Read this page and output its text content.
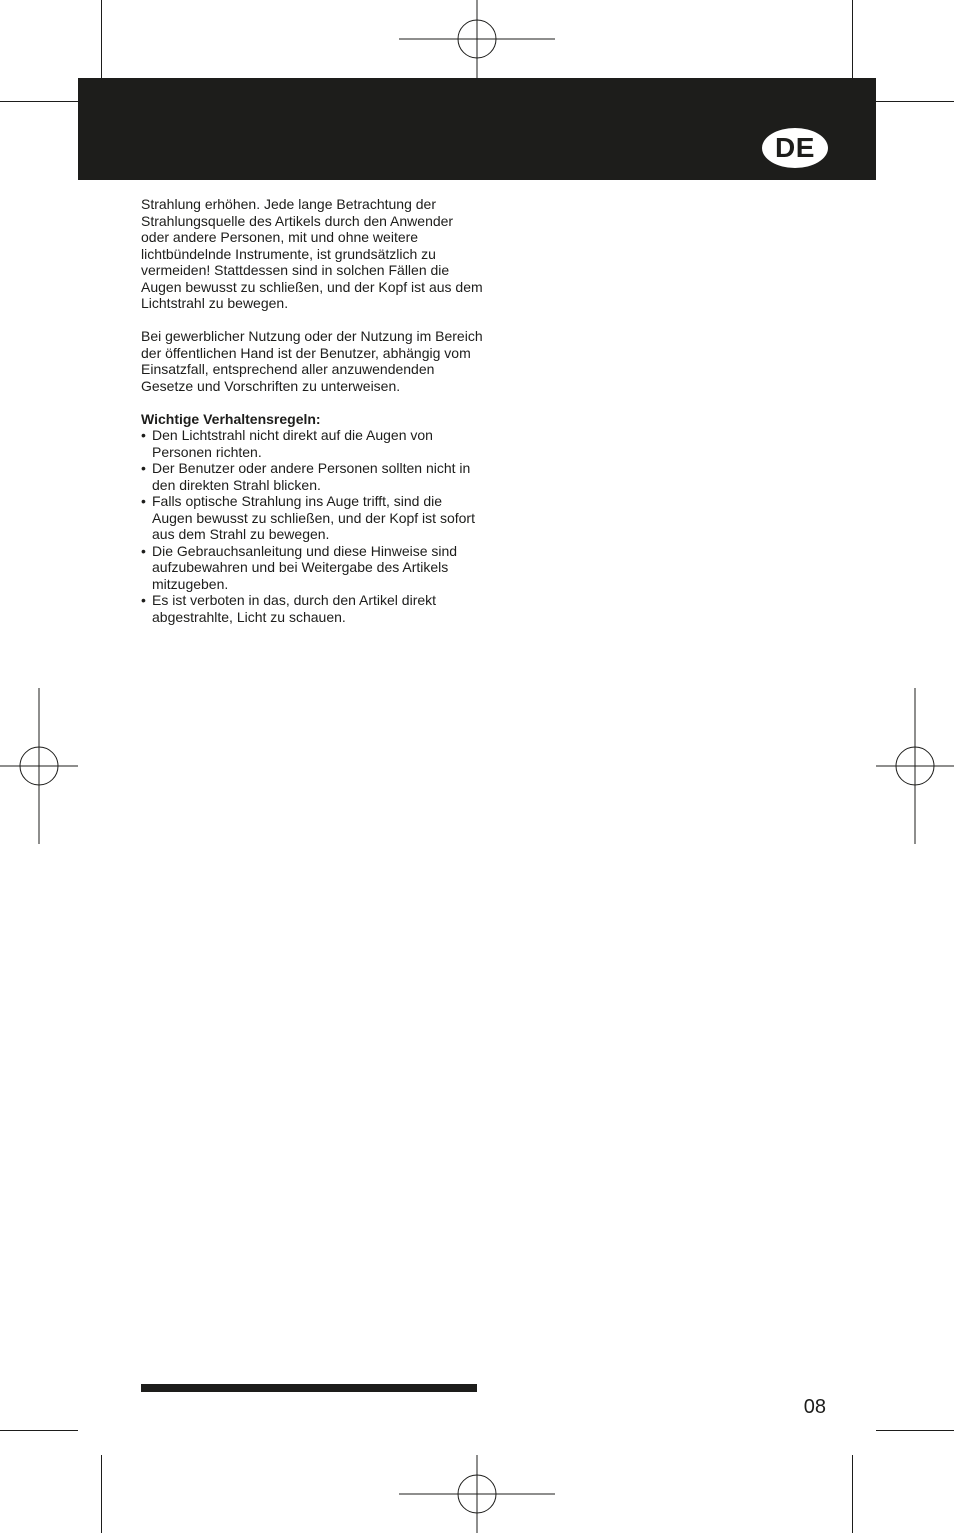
DE

Strahlung erhöhen. Jede lange Betrachtung der Strahlungsquelle des Artikels durch den Anwender oder andere Personen, mit und ohne weitere lichtbündelnde Instrumente, ist grundsätzlich zu vermeiden! Stattdessen sind in solchen Fällen die Augen bewusst zu schließen, und der Kopf ist aus dem Lichtstrahl zu bewegen.

Bei gewerblicher Nutzung oder der Nutzung im Bereich der öffentlichen Hand ist der Benutzer, abhängig vom Einsatzfall, entsprechend aller anzuwendenden Gesetze und Vorschriften zu unterweisen.

Wichtige Verhaltensregeln:
• Den Lichtstrahl nicht direkt auf die Augen von Personen richten.
• Der Benutzer oder andere Personen sollten nicht in den direkten Strahl blicken.
• Falls optische Strahlung ins Auge trifft, sind die Augen bewusst zu schließen, und der Kopf ist sofort aus dem Strahl zu bewegen.
• Die Gebrauchsanleitung und diese Hinweise sind aufzubewahren und bei Weitergabe des Artikels mitzugeben.
• Es ist verboten in das, durch den Artikel direkt abgestrahlte, Licht zu schauen.
08
